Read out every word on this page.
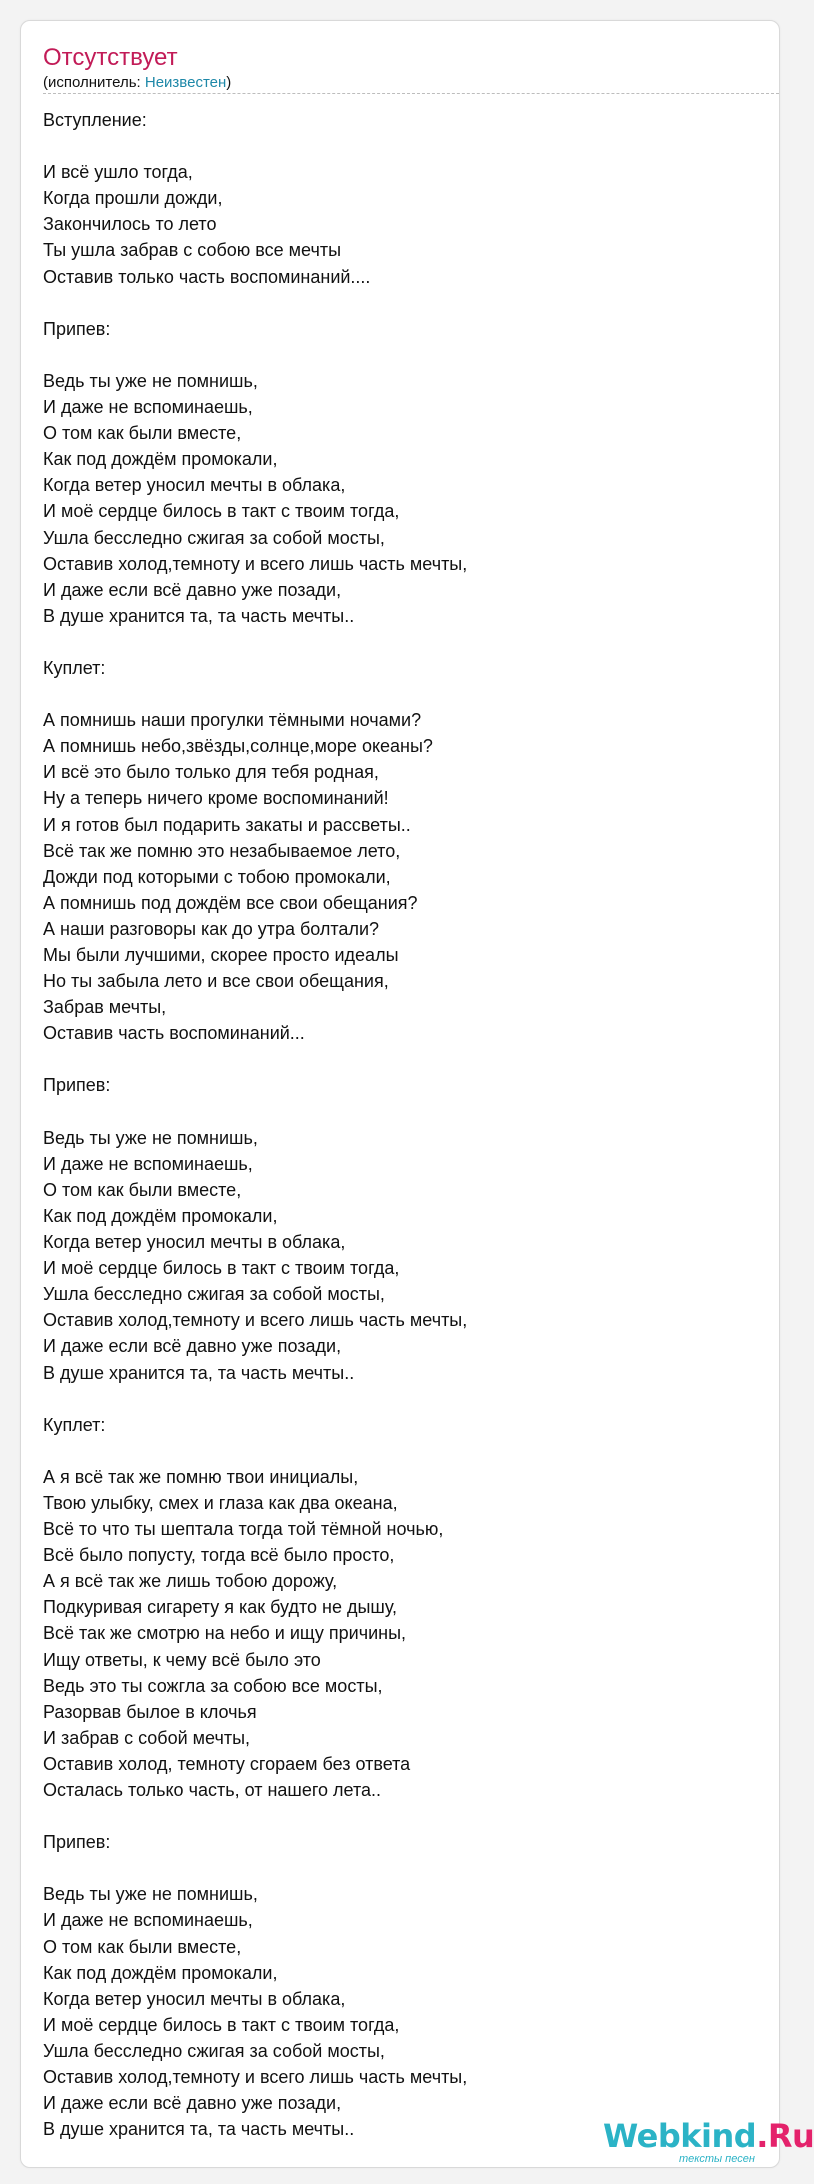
Отсутствует
(исполнитель: Неизвестен)
Вступление:
И всё ушло тогда,
Когда прошли дожди,
Закончилось то лето
Ты ушла забрав с собою все мечты
Оставив только часть воспоминаний....
Припев:
Ведь ты уже не помнишь,
И даже не вспоминаешь,
О том как были вместе,
Как под дождём промокали,
Когда ветер уносил мечты в облака,
И моё сердце билось в такт с твоим тогда,
Ушла бесследно сжигая за собой мосты,
Оставив холод,темноту и всего лишь часть мечты,
И даже если всё давно уже позади,
В душе хранится та, та часть мечты..
Куплет:
А помнишь наши прогулки тёмными ночами?
А помнишь небо,звёзды,солнце,море океаны?
И всё это было только для тебя родная,
Ну а теперь ничего кроме воспоминаний!
И я готов был подарить закаты и рассветы..
Всё так же помню это незабываемое лето,
Дожди под которыми с тобою промокали,
А помнишь под дождём все свои обещания?
А наши разговоры как до утра болтали?
Мы были лучшими, скорее просто идеалы
Но ты забыла лето и все свои обещания,
Забрав мечты,
Оставив часть воспоминаний...
Припев:
Ведь ты уже не помнишь,
И даже не вспоминаешь,
О том как были вместе,
Как под дождём промокали,
Когда ветер уносил мечты в облака,
И моё сердце билось в такт с твоим тогда,
Ушла бесследно сжигая за собой мосты,
Оставив холод,темноту и всего лишь часть мечты,
И даже если всё давно уже позади,
В душе хранится та, та часть мечты..
Куплет:
А я всё так же помню твои инициалы,
Твою улыбку, смех и глаза как два океана,
Всё то что ты шептала тогда той тёмной ночью,
Всё было попусту, тогда всё было просто,
А я всё так же лишь тобою дорожу,
Подкуривая сигарету я как будто не дышу,
Всё так же смотрю на небо и ищу причины,
Ищу ответы, к чему всё было это
Ведь это ты сожгла за собою все мосты,
Разорвав былое в клочья
И забрав с собой мечты,
Оставив холод, темноту сгораем без ответа
Осталась только часть, от нашего лета..
Припев:
Ведь ты уже не помнишь,
И даже не вспоминаешь,
О том как были вместе,
Как под дождём промокали,
Когда ветер уносил мечты в облака,
И моё сердце билось в такт с твоим тогда,
Ушла бесследно сжигая за собой мосты,
Оставив холод,темноту и всего лишь часть мечты,
И даже если всё давно уже позади,
В душе хранится та, та часть мечты..	Webkind.Ru
тексты песен
